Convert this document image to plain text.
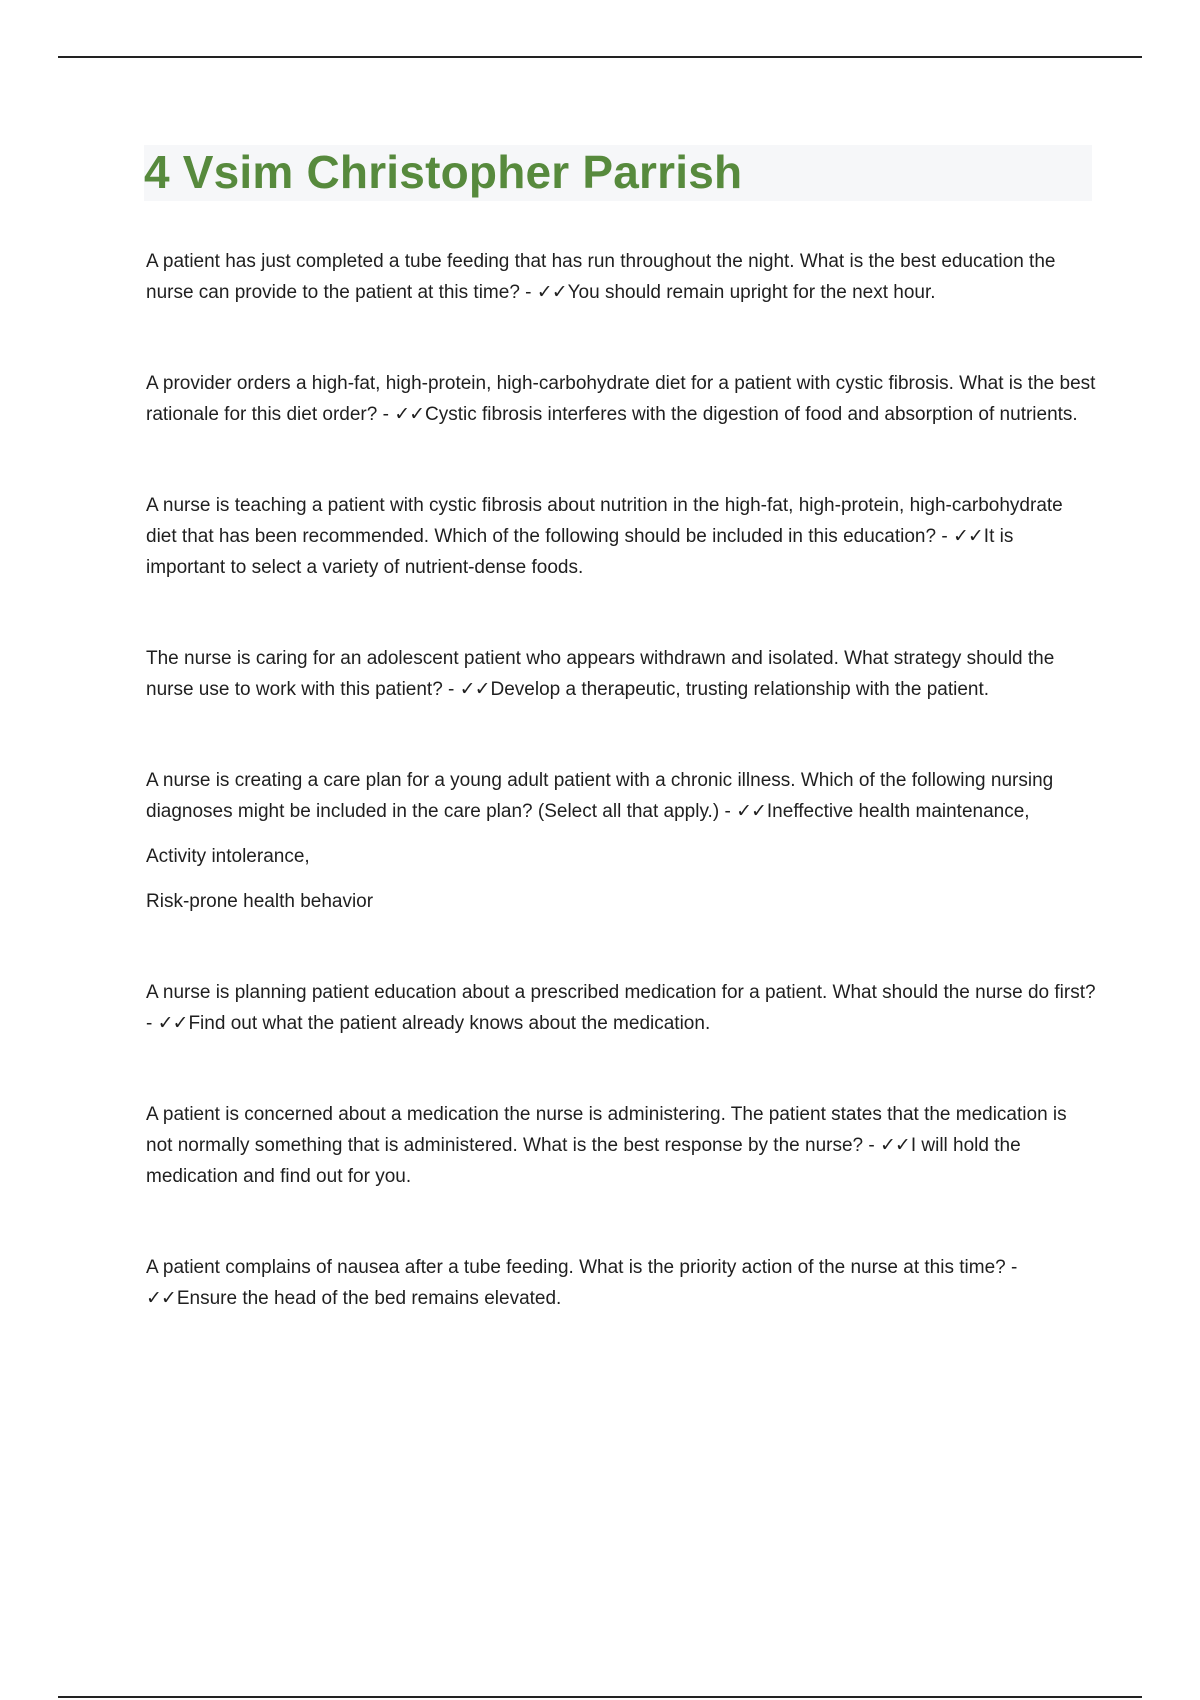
4 Vsim Christopher Parrish

A patient has just completed a tube feeding that has run throughout the night. What is the best education the nurse can provide to the patient at this time? - ✓✓You should remain upright for the next hour.

A provider orders a high-fat, high-protein, high-carbohydrate diet for a patient with cystic fibrosis. What is the best rationale for this diet order? - ✓✓Cystic fibrosis interferes with the digestion of food and absorption of nutrients.

A nurse is teaching a patient with cystic fibrosis about nutrition in the high-fat, high-protein, high-carbohydrate diet that has been recommended. Which of the following should be included in this education? - ✓✓It is important to select a variety of nutrient-dense foods.

The nurse is caring for an adolescent patient who appears withdrawn and isolated. What strategy should the nurse use to work with this patient? - ✓✓Develop a therapeutic, trusting relationship with the patient.

A nurse is creating a care plan for a young adult patient with a chronic illness. Which of the following nursing diagnoses might be included in the care plan? (Select all that apply.) - ✓✓Ineffective health maintenance,

Activity intolerance,

Risk-prone health behavior

A nurse is planning patient education about a prescribed medication for a patient. What should the nurse do first? - ✓✓Find out what the patient already knows about the medication.

A patient is concerned about a medication the nurse is administering. The patient states that the medication is not normally something that is administered. What is the best response by the nurse? - ✓✓I will hold the medication and find out for you.

A patient complains of nausea after a tube feeding. What is the priority action of the nurse at this time? - ✓✓Ensure the head of the bed remains elevated.
